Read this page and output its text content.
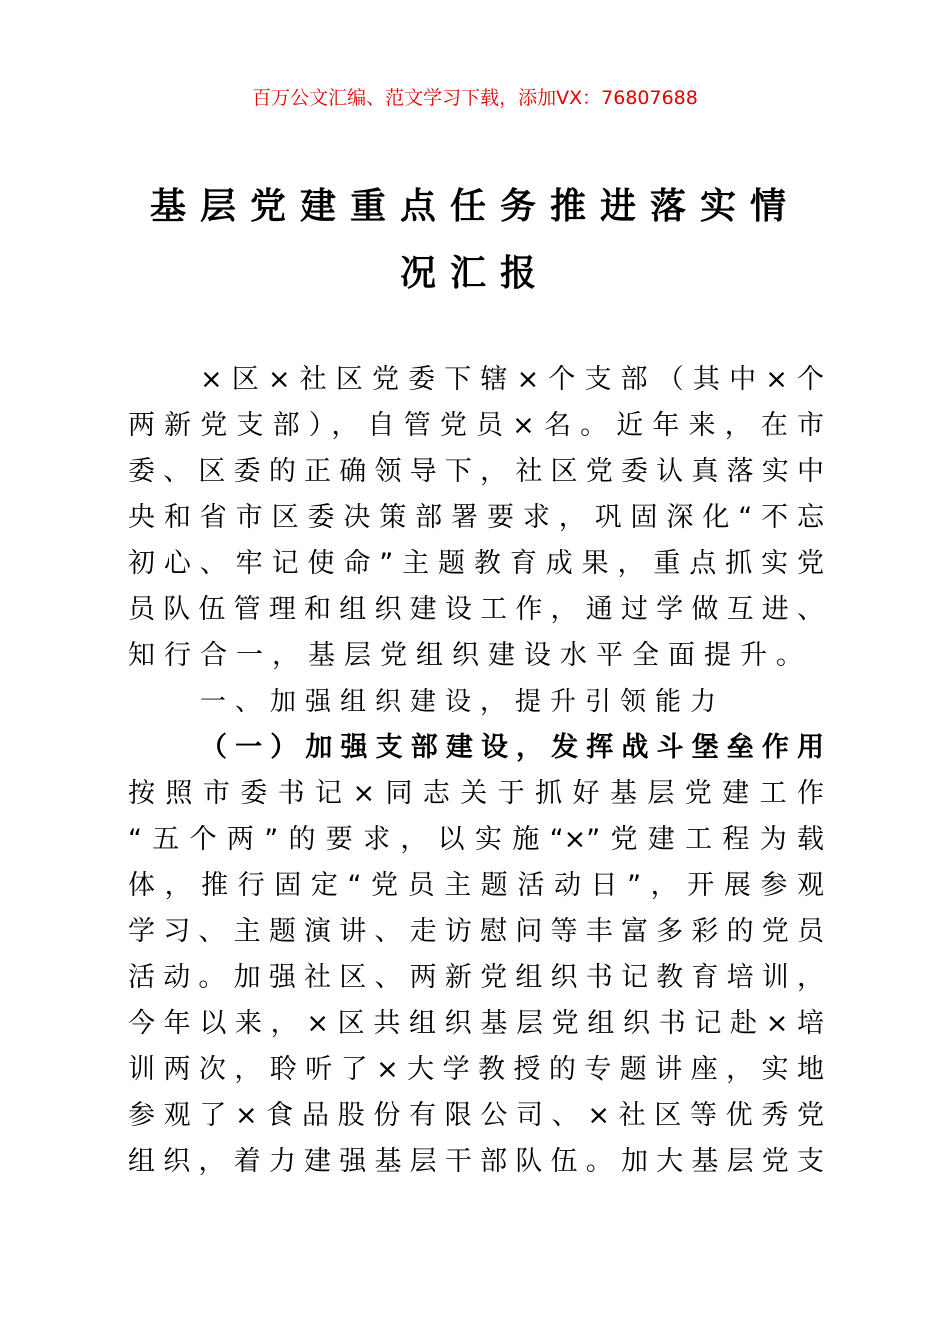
百万公文汇编、范文学习下载，添加VX：76807688
基层党建重点任务推进落实情
况汇报
×区×社区党委下辖×个支部（其中×个
两新党支部），自管党员×名。近年来，在市
委、区委的正确领导下，社区党委认真落实中
央和省市区委决策部署要求，巩固深化“不忘
初心、牢记使命”主题教育成果，重点抓实党
员队伍管理和组织建设工作，通过学做互进、
知行合一，基层党组织建设水平全面提升。
一、加强组织建设，提升引领能力
（一）加强支部建设，发挥战斗堡垒作用
按照市委书记×同志关于抓好基层党建工作
“五个两”的要求，以实施“×”党建工程为载
体，推行固定“党员主题活动日”，开展参观
学习、主题演讲、走访慰问等丰富多彩的党员
活动。加强社区、两新党组织书记教育培训，
今年以来，×区共组织基层党组织书记赴×培
训两次，聆听了×大学教授的专题讲座，实地
参观了×食品股份有限公司、×社区等优秀党
组织，着力建强基层干部队伍。加大基层党支
